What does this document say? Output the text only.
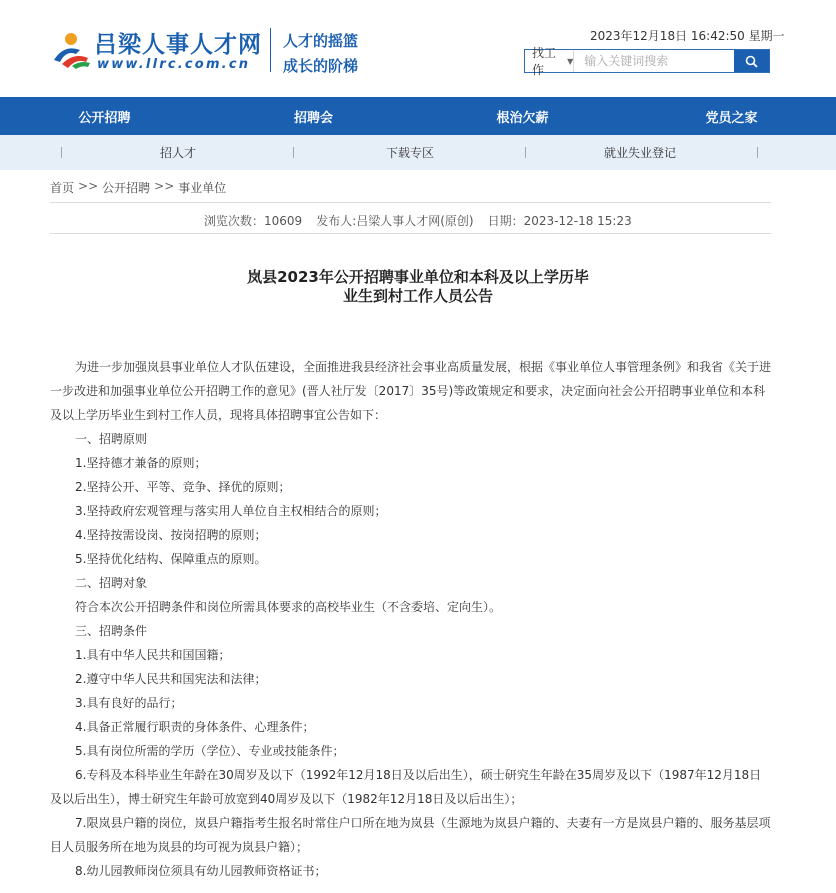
吕梁人事人才网
www.llrc.com.cn
人才的摇篮
成长的阶梯
2023年12月18日 16:42:50 星期一
找工作
▼
输入关键词搜索
公开招聘	招聘会	根治欠薪	党员之家
招人才	下载专区	就业失业登记
首页 >> 公开招聘 >> 事业单位
浏览次数：10609 发布人:吕梁人事人才网(原创) 日期：2023-12-18 15:23
岚县2023年公开招聘事业单位和本科及以上学历毕
业生到村工作人员公告
为进一步加强岚县事业单位人才队伍建设，全面推进我县经济社会事业高质量发展，根据《事业单位人事管理条例》和我省《关于进一步改进和加强事业单位公开招聘工作的意见》(晋人社厅发〔2017〕35号)等政策规定和要求，决定面向社会公开招聘事业单位和本科及以上学历毕业生到村工作人员，现将具体招聘事宜公告如下：
一、招聘原则
1.坚持德才兼备的原则；
2.坚持公开、平等、竞争、择优的原则；
3.坚持政府宏观管理与落实用人单位自主权相结合的原则；
4.坚持按需设岗、按岗招聘的原则；
5.坚持优化结构、保障重点的原则。
二、招聘对象
符合本次公开招聘条件和岗位所需具体要求的高校毕业生（不含委培、定向生）。
三、招聘条件
1.具有中华人民共和国国籍；
2.遵守中华人民共和国宪法和法律；
3.具有良好的品行；
4.具备正常履行职责的身体条件、心理条件；
5.具有岗位所需的学历（学位）、专业或技能条件；
6.专科及本科毕业生年龄在30周岁及以下（1992年12月18日及以后出生），硕士研究生年龄在35周岁及以下（1987年12月18日及以后出生），博士研究生年龄可放宽到40周岁及以下（1982年12月18日及以后出生）；
7.限岚县户籍的岗位，岚县户籍指考生报名时常住户口所在地为岚县（生源地为岚县户籍的、夫妻有一方是岚县户籍的、服务基层项目人员服务所在地为岚县的均可视为岚县户籍）；
8.幼儿园教师岗位须具有幼儿园教师资格证书；
